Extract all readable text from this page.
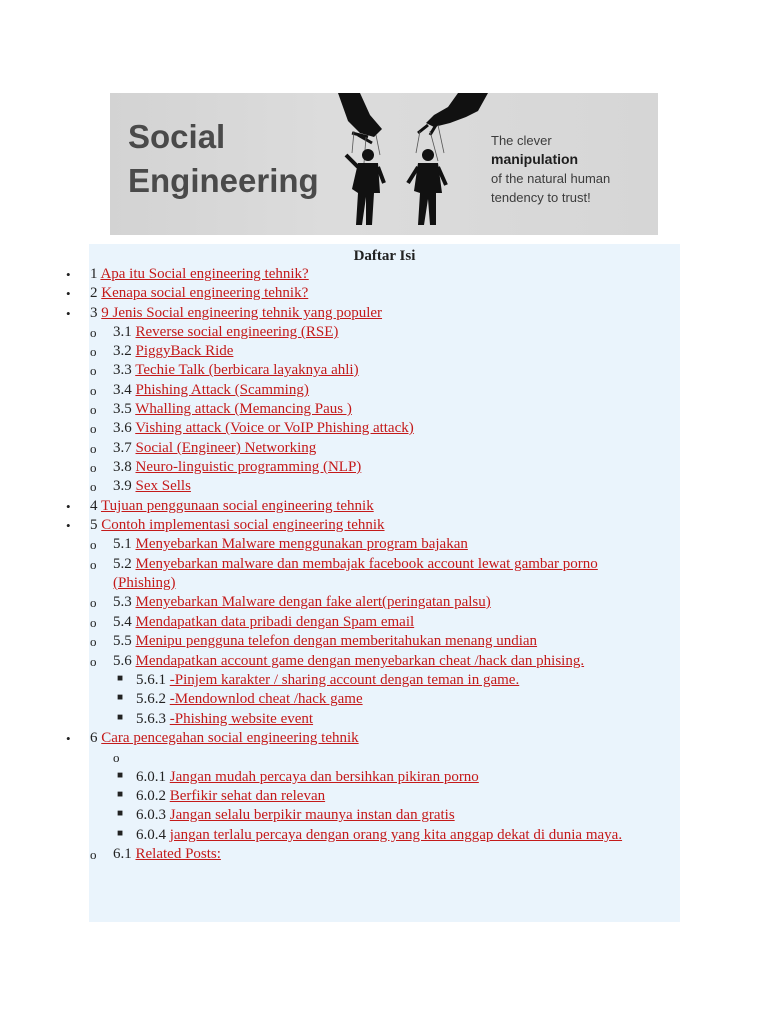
Social
Engineering
The clever
manipulation
of the natural human
tendency to trust!
Daftar Isi
• 1 Apa itu Social engineering tehnik?
• 2 Kenapa social engineering tehnik?
• 3 9 Jenis Social engineering tehnik yang populer
o 3.1 Reverse social engineering (RSE)
o 3.2 PiggyBack Ride
o 3.3 Techie Talk (berbicara layaknya ahli)
o 3.4 Phishing Attack (Scamming)
o 3.5 Whalling attack (Memancing Paus )
o 3.6 Vishing attack (Voice or VoIP Phishing attack)
o 3.7 Social (Engineer) Networking
o 3.8 Neuro-linguistic programming (NLP)
o 3.9 Sex Sells
• 4 Tujuan penggunaan social engineering tehnik
• 5 Contoh implementasi social engineering tehnik
o 5.1 Menyebarkan Malware menggunakan program bajakan
o 5.2 Menyebarkan malware dan membajak facebook account lewat gambar porno
(Phishing)
o 5.3 Menyebarkan Malware dengan fake alert(peringatan palsu)
o 5.4 Mendapatkan data pribadi dengan Spam email
o 5.5 Menipu pengguna telefon dengan memberitahukan menang undian
o 5.6 Mendapatkan account game dengan menyebarkan cheat /hack dan phising.
■ 5.6.1 -Pinjem karakter / sharing account dengan teman in game.
■ 5.6.2 -Mendownlod cheat /hack game
■ 5.6.3 -Phishing website event
• 6 Cara pencegahan social engineering tehnik
o
■ 6.0.1 Jangan mudah percaya dan bersihkan pikiran porno
■ 6.0.2 Berfikir sehat dan relevan
■ 6.0.3 Jangan selalu berpikir maunya instan dan gratis
■ 6.0.4 jangan terlalu percaya dengan orang yang kita anggap dekat di dunia maya.
o 6.1 Related Posts:
